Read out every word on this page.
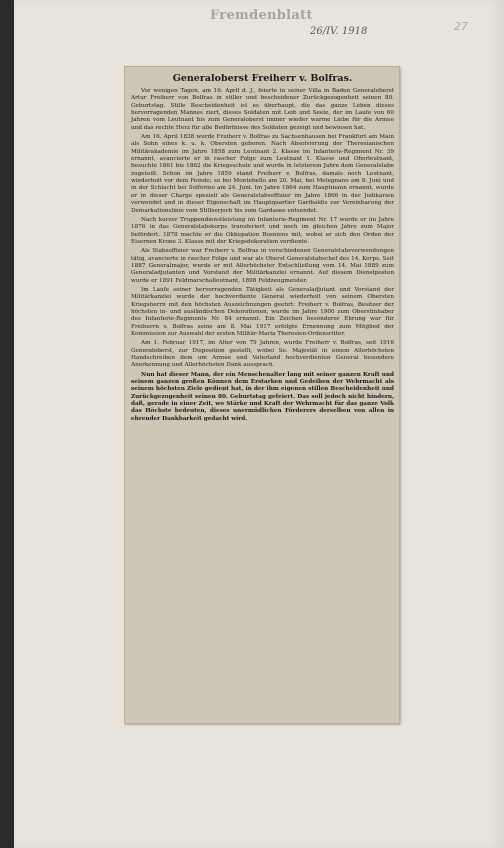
Fremdenblatt
26/IV. 1918	27
Generaloberst Freiherr v. Bolfras.

Vor wenigen Tagen, am 16. April d. J., feierte in seiner Villa in Baden Generaloberst Artur Freiherr von Bolfras in stiller und bescheidener Zurückgezogenheit seinen 80. Geburtstag. Stille Bescheidenheit ist es überhaupt, die das ganze Leben dieses hervorragenden Mannes ziert, dieses Soldaten mit Leib und Seele, der im Laufe von 60 Jahren vom Leutnant bis zum Generaloberst immer wieder warme Liebe für die Armee und das rechte Herz für alle Bedürfnisse des Soldaten gezeigt und bewiesen hat.

Am 16. April 1838 wurde Freiherr v. Bolfras zu Sachsenhausen bei Frankfurt am Main als Sohn eines k. u. k. Obersten geboren. Nach Absolvierung der Theresianischen Militärakademie im Jahre 1858 zum Leutnant 2. Klasse im Infanterie-Regiment Nr. 39 ernannt, avancierte er in rascher Folge zum Leutnant 1. Klasse und Oberleutnant, besuchte 1861 bis 1862 die Kriegsschule und wurde in letzterem Jahre dem Generalstabe zugeteilt. Schon im Jahre 1859 stand Freiherr v. Bolfras, damals noch Leutnant, wiederholt vor dem Feinde; so bei Montebello am 20. Mai, bei Melegnano am 8. Juni und in der Schlacht bei Solferino am 24. Juni. Im Jahre 1864 zum Hauptmann ernannt, wurde er in dieser Charge speziell als Generalstabsoffizier im Jahre 1866 in der Judikarien verwendet und in dieser Eigenschaft im Hauptquartier Garibaldis zur Vereinbarung der Demarkationslinie vom Stilfserjoch bis zum Gardasee entsendet.

Nach kurzer Truppendienstleistung im Infanterie-Regiment Nr. 17 wurde er im Jahre 1876 in das Generalstabskorps transferiert und noch im gleichen Jahre zum Major befördert. 1878 machte er die Okkupation Bosniens mit, wobei er sich den Orden der Eisernen Krone 3. Klasse mit der Kriegsdekoration verdiente.

Als Stabsoffizier war Freiherr v. Bolfras in verschiedenen Generalstabsverwendungen tätig, avancierte in rascher Folge und war als Oberst Generalstabschef des 14. Korps. Seit 1887 Generalmajor, wurde er mit Allerhöchster Entschließung vom 14. Mai 1889 zum Generaladjutanten und Vorstand der Militärkanzlei ernannt. Auf diesem Dienstposten wurde er 1891 Feldmarschalleutnant, 1898 Feldzeugmeister.

Im Laufe seiner hervorragenden Tätigkeit als Generaladjutant und Vorstand der Militärkanzlei wurde der hochverdiente General wiederholt von seinem Obersten Kriegsherrn mit den höchsten Auszeichnungen geehrt: Freiherr v. Bolfras, Besitzer der höchsten in- und ausländischen Dekorationen, wurde im Jahre 1900 zum Oberstinhaber des Infanterie-Regiments Nr. 84 ernannt. Ein Zeichen besonderer Ehrung war für Freiherrn v. Bolfras seine am 8. Mai 1917 erfolgte Ernennung zum Mitglied der Kommission zur Auswahl der ersten Militär-Maria Theresien-Ordensritter.

Am 1. Februar 1917, im Alter von 79 Jahren, wurde Freiherr v. Bolfras, seit 1916 Generaloberst, zur Disposition gestellt, wobei Se. Majestät in einem Allerhöchsten Handschreiben dem um Armee und Vaterland hochverdienten General besondere Anerkennung und Allerhöchsten Dank aussprach.

Nun hat dieser Mann, der ein Menschenalter lang mit seiner ganzen Kraft und seinem ganzen großen Können dem Erstarken und Gedeihen der Wehrmacht als seinem höchsten Ziele gedient hat, in der ihm eigenen stillen Bescheidenheit und Zurückgezogenheit seinen 80. Geburtstag gefeiert. Das soll jedoch nicht hindern, daß, gerade in einer Zeit, wo Stärke und Kraft der Wehrmacht für das ganze Volk das Höchste bedeuten, dieses unermüdlichen Förderers derselben von allen in ehrender Dankbarkeit gedacht wird.
